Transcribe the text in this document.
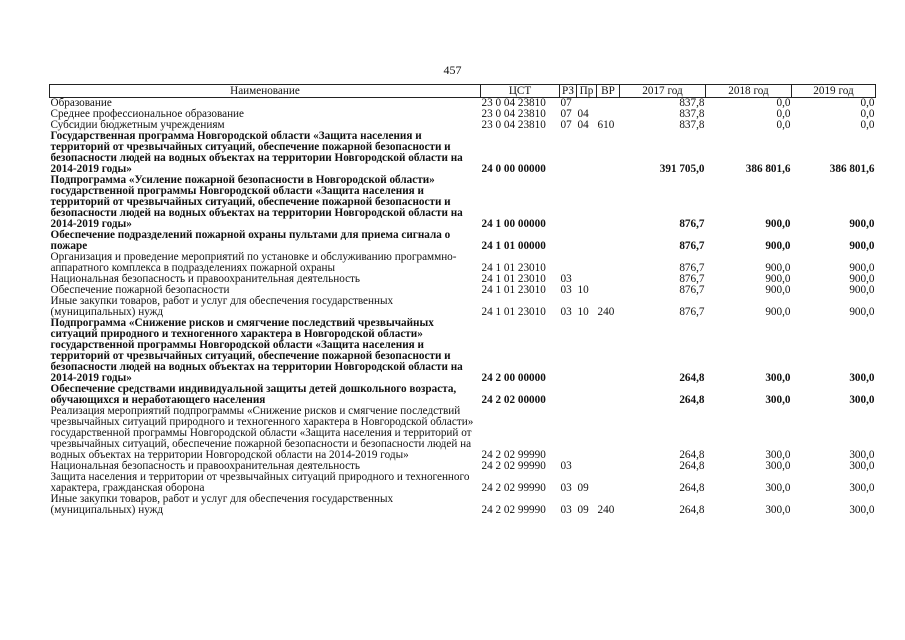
457
Наименование	ЦСТ	РЗ	Пр	ВР	2017 год	2018 год	2019 год
Образование	23 0 04 23810	07			837,8	0,0	0,0
Среднее профессиональное образование	23 0 04 23810	07	04		837,8	0,0	0,0
Субсидии бюджетным учреждениям	23 0 04 23810	07	04	610	837,8	0,0	0,0
Государственная программа Новгородской области «Защита населения и территорий от чрезвычайных ситуаций, обеспечение пожарной безопасности и безопасности людей на водных объектах на территории Новгородской области на 2014-2019 годы»	24 0 00 00000				391 705,0	386 801,6	386 801,6
Подпрограмма «Усиление пожарной безопасности в Новгородской области» государственной программы Новгородской области «Защита населения и территорий от чрезвычайных ситуаций, обеспечение пожарной безопасности и безопасности людей на водных объектах на территории Новгородской области на 2014-2019 годы»	24 1 00 00000				876,7	900,0	900,0
Обеспечение подразделений пожарной охраны пультами для приема сигнала о пожаре	24 1 01 00000				876,7	900,0	900,0
Организация и проведение мероприятий по установке и обслуживанию программно-аппаратного комплекса в подразделениях пожарной охраны	24 1 01 23010				876,7	900,0	900,0
Национальная безопасность и правоохранительная деятельность	24 1 01 23010	03			876,7	900,0	900,0
Обеспечение пожарной безопасности	24 1 01 23010	03	10		876,7	900,0	900,0
Иные закупки товаров, работ и услуг для обеспечения государственных (муниципальных) нужд	24 1 01 23010	03	10	240	876,7	900,0	900,0
Подпрограмма «Снижение рисков и смягчение последствий чрезвычайных ситуаций природного и техногенного характера в Новгородской области» государственной программы Новгородской области «Защита населения и территорий от чрезвычайных ситуаций, обеспечение пожарной безопасности и безопасности людей на водных объектах на территории Новгородской области на 2014-2019 годы»	24 2 00 00000				264,8	300,0	300,0
Обеспечение средствами индивидуальной защиты детей дошкольного возраста, обучающихся и неработающего населения	24 2 02 00000				264,8	300,0	300,0
Реализация мероприятий подпрограммы «Снижение рисков и смягчение последствий чрезвычайных ситуаций природного и техногенного характера в Новгородской области» государственной программы Новгородской области «Защита населения и территорий от чрезвычайных ситуаций, обеспечение пожарной безопасности и безопасности людей на водных объектах на территории Новгородской области на 2014-2019 годы»	24 2 02 99990				264,8	300,0	300,0
Национальная безопасность и правоохранительная деятельность	24 2 02 99990	03			264,8	300,0	300,0
Защита населения и территории от чрезвычайных ситуаций природного и техногенного характера, гражданская оборона	24 2 02 99990	03	09		264,8	300,0	300,0
Иные закупки товаров, работ и услуг для обеспечения государственных (муниципальных) нужд	24 2 02 99990	03	09	240	264,8	300,0	300,0
